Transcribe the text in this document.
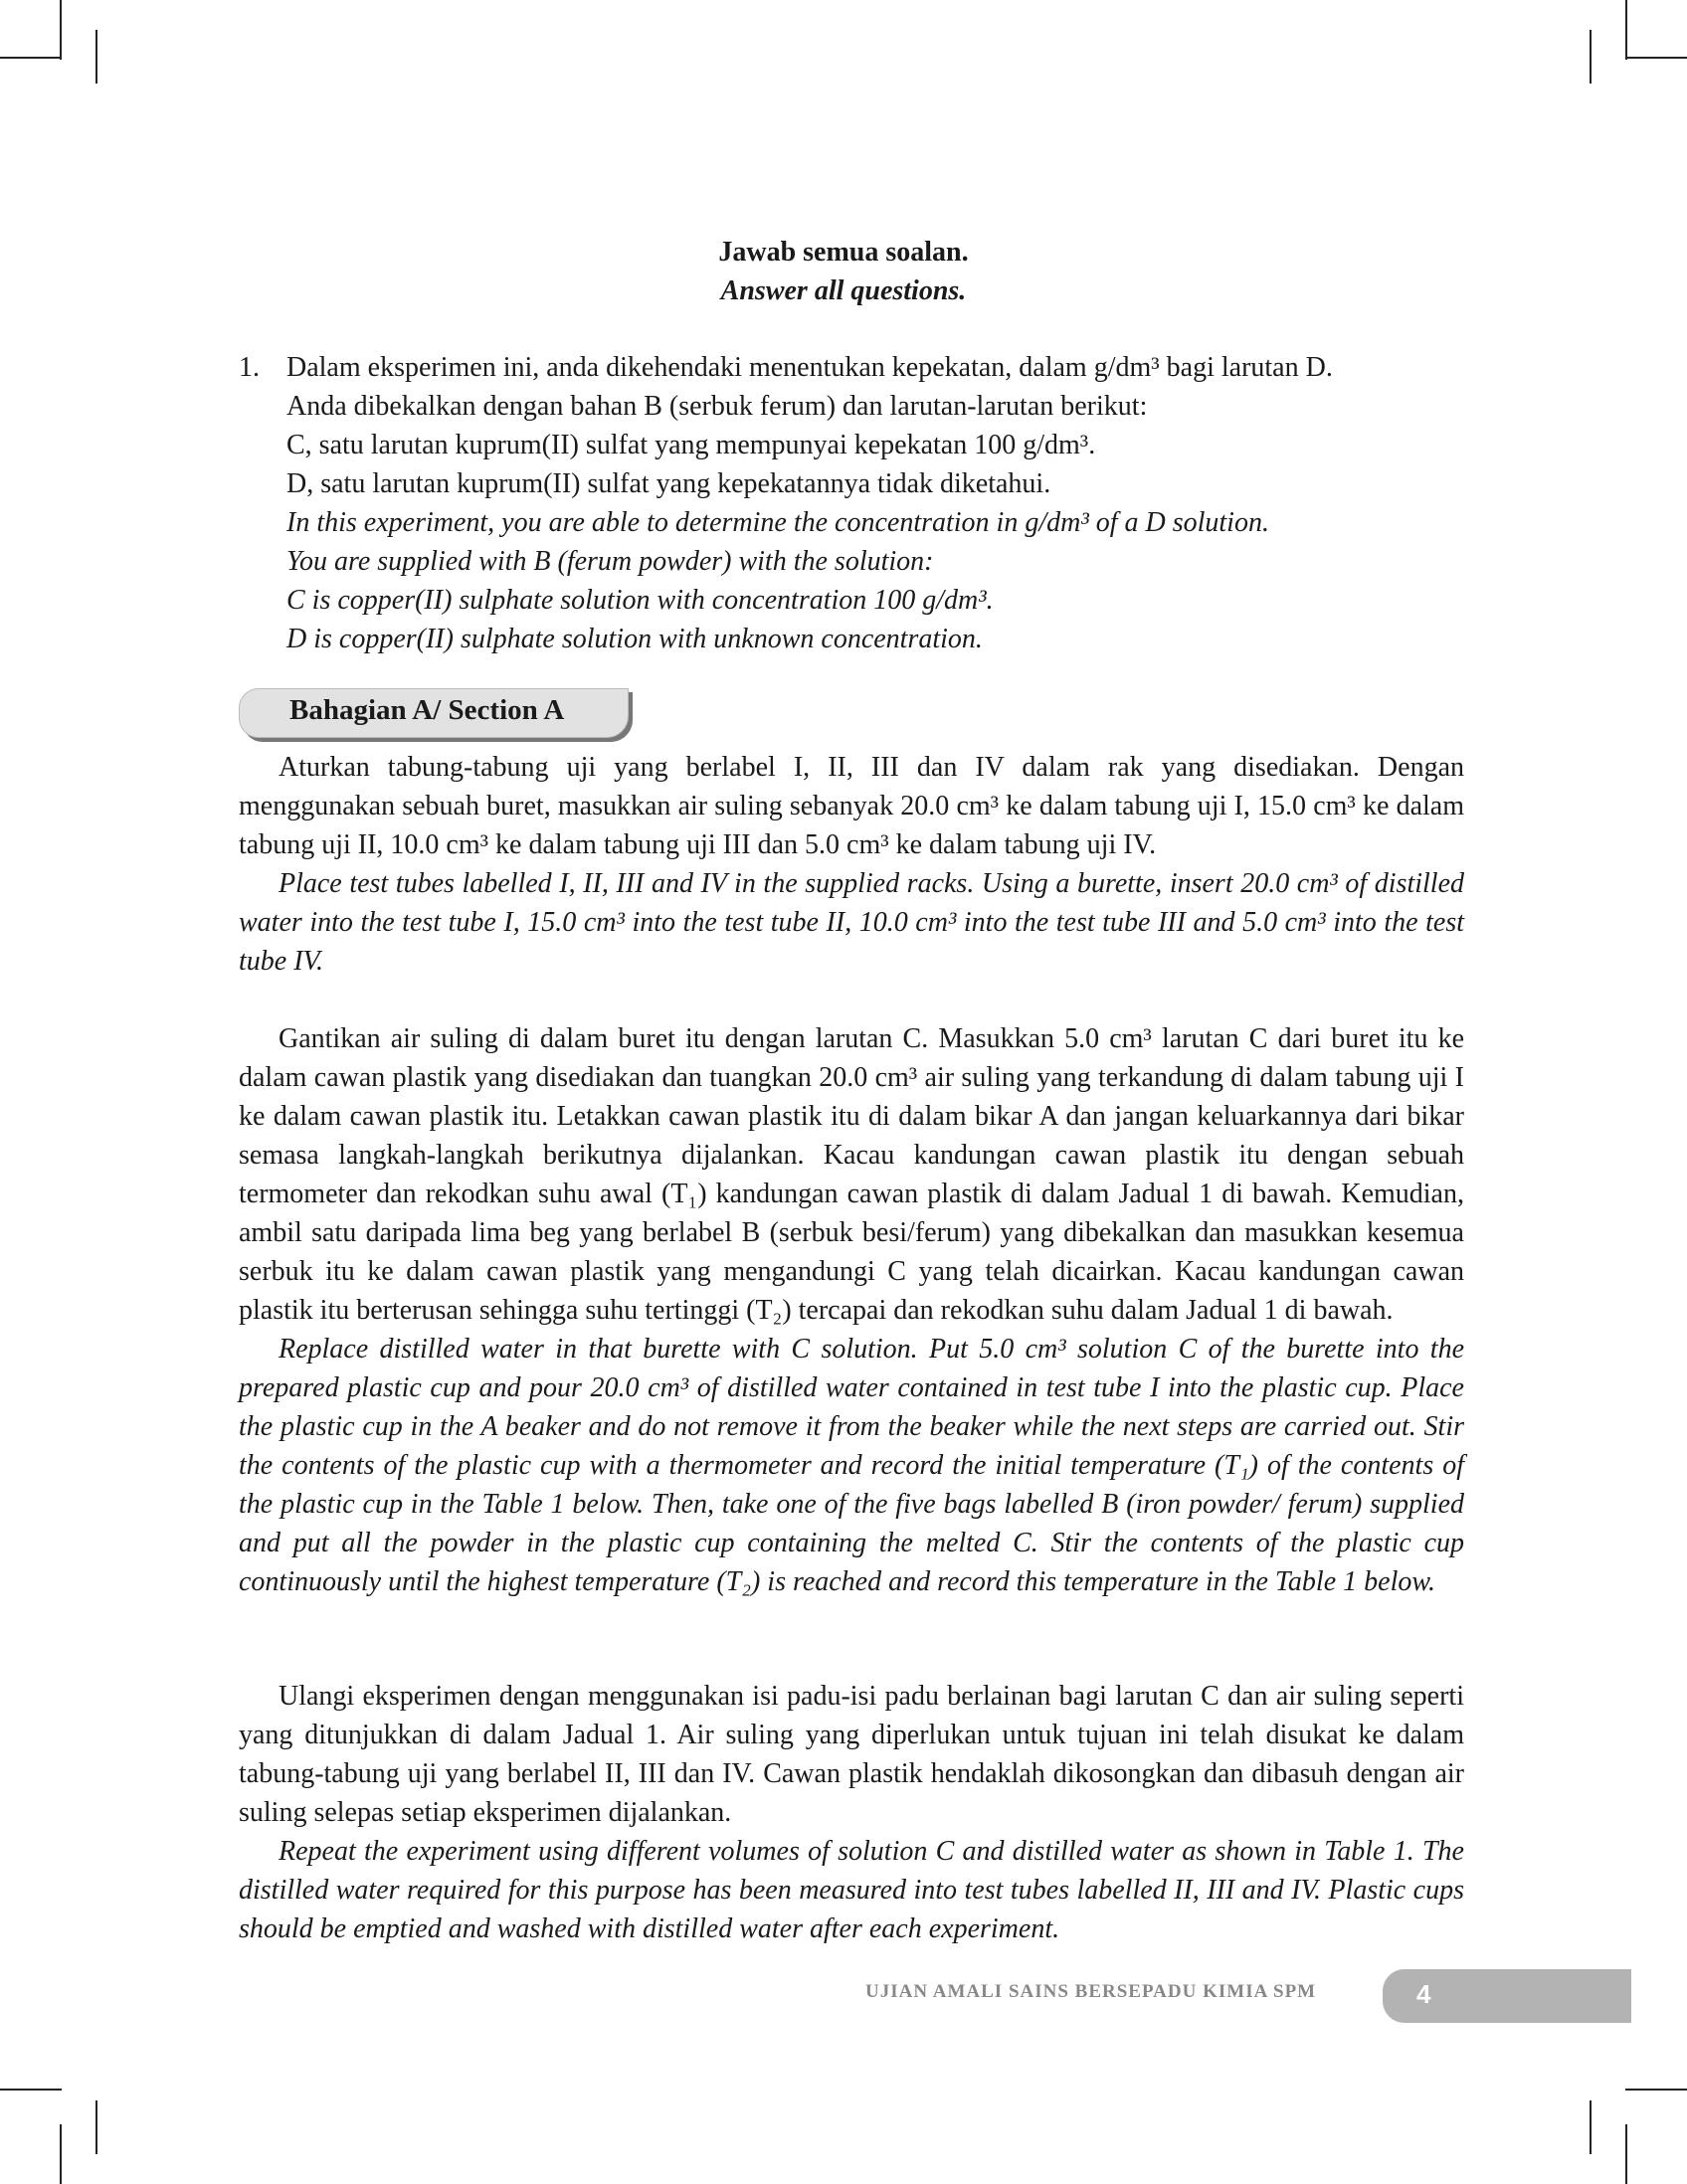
Jawab semua soalan.
Answer all questions.
1. Dalam eksperimen ini, anda dikehendaki menentukan kepekatan, dalam g/dm³ bagi larutan D.
Anda dibekalkan dengan bahan B (serbuk ferum) dan larutan-larutan berikut:
C, satu larutan kuprum(II) sulfat yang mempunyai kepekatan 100 g/dm³.
D, satu larutan kuprum(II) sulfat yang kepekatannya tidak diketahui.
In this experiment, you are able to determine the concentration in g/dm³ of a D solution.
You are supplied with B (ferum powder) with the solution:
C is copper(II) sulphate solution with concentration 100 g/dm³.
D is copper(II) sulphate solution with unknown concentration.
Bahagian A/ Section A

Aturkan tabung-tabung uji yang berlabel I, II, III dan IV dalam rak yang disediakan. Dengan menggunakan sebuah buret, masukkan air suling sebanyak 20.0 cm³ ke dalam tabung uji I, 15.0 cm³ ke dalam tabung uji II, 10.0 cm³ ke dalam tabung uji III dan 5.0 cm³ ke dalam tabung uji IV.

Place test tubes labelled I, II, III and IV in the supplied racks. Using a burette, insert 20.0 cm³ of distilled water into the test tube I, 15.0 cm³ into the test tube II, 10.0 cm³ into the test tube III and 5.0 cm³ into the test tube IV.

Gantikan air suling di dalam buret itu dengan larutan C. Masukkan 5.0 cm³ larutan C dari buret itu ke dalam cawan plastik yang disediakan dan tuangkan 20.0 cm³ air suling yang terkandung di dalam tabung uji I ke dalam cawan plastik itu. Letakkan cawan plastik itu di dalam bikar A dan jangan keluarkannya dari bikar semasa langkah-langkah berikutnya dijalankan. Kacau kandungan cawan plastik itu dengan sebuah termometer dan rekodkan suhu awal (T₁) kandungan cawan plastik di dalam Jadual 1 di bawah. Kemudian, ambil satu daripada lima beg yang berlabel B (serbuk besi/ferum) yang dibekalkan dan masukkan kesemua serbuk itu ke dalam cawan plastik yang mengandungi C yang telah dicairkan. Kacau kandungan cawan plastik itu berterusan sehingga suhu tertinggi (T₂) tercapai dan rekodkan suhu dalam Jadual 1 di bawah.

Replace distilled water in that burette with C solution. Put 5.0 cm³ solution C of the burette into the prepared plastic cup and pour 20.0 cm³ of distilled water contained in test tube I into the plastic cup. Place the plastic cup in the A beaker and do not remove it from the beaker while the next steps are carried out. Stir the contents of the plastic cup with a thermometer and record the initial temperature (T₁) of the contents of the plastic cup in the Table 1 below. Then, take one of the five bags labelled B (iron powder/ ferum) supplied and put all the powder in the plastic cup containing the melted C. Stir the contents of the plastic cup continuously until the highest temperature (T₂) is reached and record this temperature in the Table 1 below.

Ulangi eksperimen dengan menggunakan isi padu-isi padu berlainan bagi larutan C dan air suling seperti yang ditunjukkan di dalam Jadual 1. Air suling yang diperlukan untuk tujuan ini telah disukat ke dalam tabung-tabung uji yang berlabel II, III dan IV. Cawan plastik hendaklah dikosongkan dan dibasuh dengan air suling selepas setiap eksperimen dijalankan.

Repeat the experiment using different volumes of solution C and distilled water as shown in Table 1. The distilled water required for this purpose has been measured into test tubes labelled II, III and IV. Plastic cups should be emptied and washed with distilled water after each experiment.

UJIAN AMALI SAINS BERSEPADU KIMIA SPM	4
